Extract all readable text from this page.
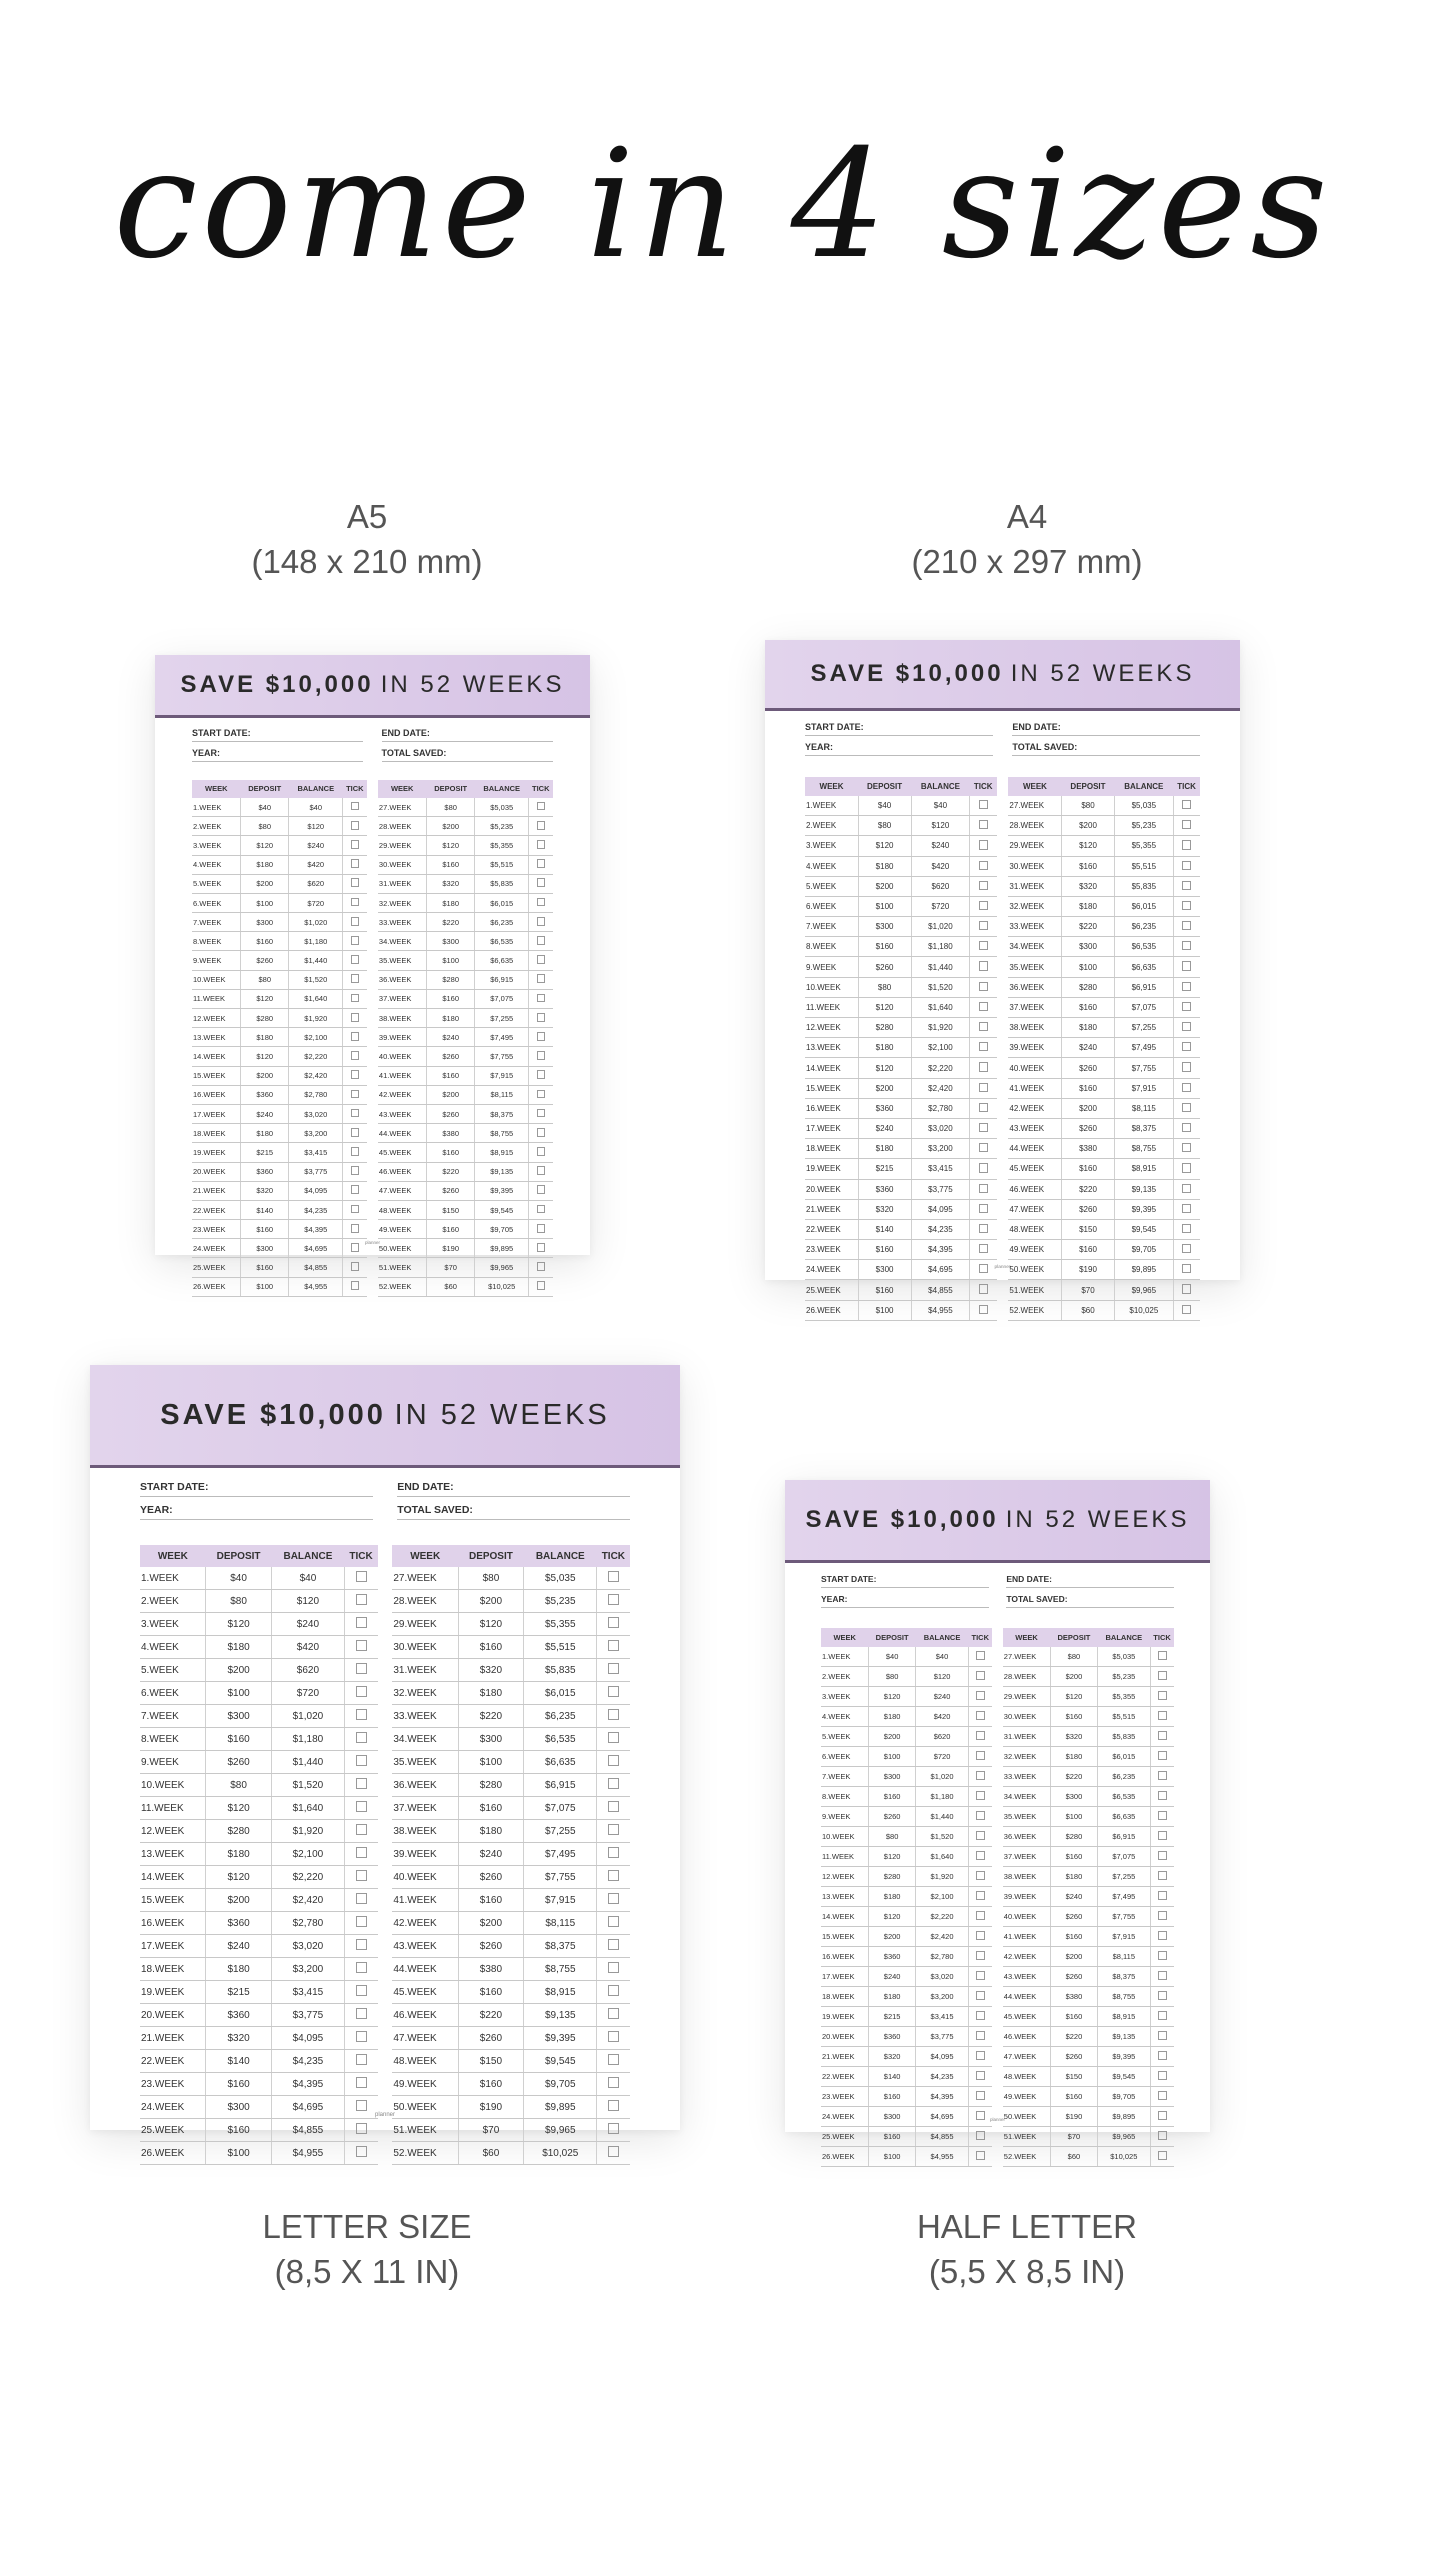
come in 4 sizes
A5
(148 x 210 mm)
A4
(210 x 297 mm)
LETTER SIZE
(8,5 X 11 IN)
HALF LETTER
(5,5 X 8,5 IN)
SAVE $10,000 IN 52 WEEKS
START DATE:	END DATE:
YEAR:	TOTAL SAVED:
WEEK	DEPOSIT	BALANCE	TICK
1.WEEK	$40	$40	
2.WEEK	$80	$120	
3.WEEK	$120	$240	
4.WEEK	$180	$420	
5.WEEK	$200	$620	
6.WEEK	$100	$720	
7.WEEK	$300	$1,020	
8.WEEK	$160	$1,180	
9.WEEK	$260	$1,440	
10.WEEK	$80	$1,520	
11.WEEK	$120	$1,640	
12.WEEK	$280	$1,920	
13.WEEK	$180	$2,100	
14.WEEK	$120	$2,220	
15.WEEK	$200	$2,420	
16.WEEK	$360	$2,780	
17.WEEK	$240	$3,020	
18.WEEK	$180	$3,200	
19.WEEK	$215	$3,415	
20.WEEK	$360	$3,775	
21.WEEK	$320	$4,095	
22.WEEK	$140	$4,235	
23.WEEK	$160	$4,395	
24.WEEK	$300	$4,695	
25.WEEK	$160	$4,855	
26.WEEK	$100	$4,955	
WEEK	DEPOSIT	BALANCE	TICK
27.WEEK	$80	$5,035	
28.WEEK	$200	$5,235	
29.WEEK	$120	$5,355	
30.WEEK	$160	$5,515	
31.WEEK	$320	$5,835	
32.WEEK	$180	$6,015	
33.WEEK	$220	$6,235	
34.WEEK	$300	$6,535	
35.WEEK	$100	$6,635	
36.WEEK	$280	$6,915	
37.WEEK	$160	$7,075	
38.WEEK	$180	$7,255	
39.WEEK	$240	$7,495	
40.WEEK	$260	$7,755	
41.WEEK	$160	$7,915	
42.WEEK	$200	$8,115	
43.WEEK	$260	$8,375	
44.WEEK	$380	$8,755	
45.WEEK	$160	$8,915	
46.WEEK	$220	$9,135	
47.WEEK	$260	$9,395	
48.WEEK	$150	$9,545	
49.WEEK	$160	$9,705	
50.WEEK	$190	$9,895	
51.WEEK	$70	$9,965	
52.WEEK	$60	$10,025	
planner
SAVE $10,000 IN 52 WEEKS
START DATE:	END DATE:
YEAR:	TOTAL SAVED:
WEEK	DEPOSIT	BALANCE	TICK
1.WEEK	$40	$40	
2.WEEK	$80	$120	
3.WEEK	$120	$240	
4.WEEK	$180	$420	
5.WEEK	$200	$620	
6.WEEK	$100	$720	
7.WEEK	$300	$1,020	
8.WEEK	$160	$1,180	
9.WEEK	$260	$1,440	
10.WEEK	$80	$1,520	
11.WEEK	$120	$1,640	
12.WEEK	$280	$1,920	
13.WEEK	$180	$2,100	
14.WEEK	$120	$2,220	
15.WEEK	$200	$2,420	
16.WEEK	$360	$2,780	
17.WEEK	$240	$3,020	
18.WEEK	$180	$3,200	
19.WEEK	$215	$3,415	
20.WEEK	$360	$3,775	
21.WEEK	$320	$4,095	
22.WEEK	$140	$4,235	
23.WEEK	$160	$4,395	
24.WEEK	$300	$4,695	
25.WEEK	$160	$4,855	
26.WEEK	$100	$4,955	
WEEK	DEPOSIT	BALANCE	TICK
27.WEEK	$80	$5,035	
28.WEEK	$200	$5,235	
29.WEEK	$120	$5,355	
30.WEEK	$160	$5,515	
31.WEEK	$320	$5,835	
32.WEEK	$180	$6,015	
33.WEEK	$220	$6,235	
34.WEEK	$300	$6,535	
35.WEEK	$100	$6,635	
36.WEEK	$280	$6,915	
37.WEEK	$160	$7,075	
38.WEEK	$180	$7,255	
39.WEEK	$240	$7,495	
40.WEEK	$260	$7,755	
41.WEEK	$160	$7,915	
42.WEEK	$200	$8,115	
43.WEEK	$260	$8,375	
44.WEEK	$380	$8,755	
45.WEEK	$160	$8,915	
46.WEEK	$220	$9,135	
47.WEEK	$260	$9,395	
48.WEEK	$150	$9,545	
49.WEEK	$160	$9,705	
50.WEEK	$190	$9,895	
51.WEEK	$70	$9,965	
52.WEEK	$60	$10,025	
planner
SAVE $10,000 IN 52 WEEKS
START DATE:	END DATE:
YEAR:	TOTAL SAVED:
WEEK	DEPOSIT	BALANCE	TICK
1.WEEK	$40	$40	
2.WEEK	$80	$120	
3.WEEK	$120	$240	
4.WEEK	$180	$420	
5.WEEK	$200	$620	
6.WEEK	$100	$720	
7.WEEK	$300	$1,020	
8.WEEK	$160	$1,180	
9.WEEK	$260	$1,440	
10.WEEK	$80	$1,520	
11.WEEK	$120	$1,640	
12.WEEK	$280	$1,920	
13.WEEK	$180	$2,100	
14.WEEK	$120	$2,220	
15.WEEK	$200	$2,420	
16.WEEK	$360	$2,780	
17.WEEK	$240	$3,020	
18.WEEK	$180	$3,200	
19.WEEK	$215	$3,415	
20.WEEK	$360	$3,775	
21.WEEK	$320	$4,095	
22.WEEK	$140	$4,235	
23.WEEK	$160	$4,395	
24.WEEK	$300	$4,695	
25.WEEK	$160	$4,855	
26.WEEK	$100	$4,955	
WEEK	DEPOSIT	BALANCE	TICK
27.WEEK	$80	$5,035	
28.WEEK	$200	$5,235	
29.WEEK	$120	$5,355	
30.WEEK	$160	$5,515	
31.WEEK	$320	$5,835	
32.WEEK	$180	$6,015	
33.WEEK	$220	$6,235	
34.WEEK	$300	$6,535	
35.WEEK	$100	$6,635	
36.WEEK	$280	$6,915	
37.WEEK	$160	$7,075	
38.WEEK	$180	$7,255	
39.WEEK	$240	$7,495	
40.WEEK	$260	$7,755	
41.WEEK	$160	$7,915	
42.WEEK	$200	$8,115	
43.WEEK	$260	$8,375	
44.WEEK	$380	$8,755	
45.WEEK	$160	$8,915	
46.WEEK	$220	$9,135	
47.WEEK	$260	$9,395	
48.WEEK	$150	$9,545	
49.WEEK	$160	$9,705	
50.WEEK	$190	$9,895	
51.WEEK	$70	$9,965	
52.WEEK	$60	$10,025	
planner
SAVE $10,000 IN 52 WEEKS
START DATE:	END DATE:
YEAR:	TOTAL SAVED:
WEEK	DEPOSIT	BALANCE	TICK
1.WEEK	$40	$40	
2.WEEK	$80	$120	
3.WEEK	$120	$240	
4.WEEK	$180	$420	
5.WEEK	$200	$620	
6.WEEK	$100	$720	
7.WEEK	$300	$1,020	
8.WEEK	$160	$1,180	
9.WEEK	$260	$1,440	
10.WEEK	$80	$1,520	
11.WEEK	$120	$1,640	
12.WEEK	$280	$1,920	
13.WEEK	$180	$2,100	
14.WEEK	$120	$2,220	
15.WEEK	$200	$2,420	
16.WEEK	$360	$2,780	
17.WEEK	$240	$3,020	
18.WEEK	$180	$3,200	
19.WEEK	$215	$3,415	
20.WEEK	$360	$3,775	
21.WEEK	$320	$4,095	
22.WEEK	$140	$4,235	
23.WEEK	$160	$4,395	
24.WEEK	$300	$4,695	
25.WEEK	$160	$4,855	
26.WEEK	$100	$4,955	
WEEK	DEPOSIT	BALANCE	TICK
27.WEEK	$80	$5,035	
28.WEEK	$200	$5,235	
29.WEEK	$120	$5,355	
30.WEEK	$160	$5,515	
31.WEEK	$320	$5,835	
32.WEEK	$180	$6,015	
33.WEEK	$220	$6,235	
34.WEEK	$300	$6,535	
35.WEEK	$100	$6,635	
36.WEEK	$280	$6,915	
37.WEEK	$160	$7,075	
38.WEEK	$180	$7,255	
39.WEEK	$240	$7,495	
40.WEEK	$260	$7,755	
41.WEEK	$160	$7,915	
42.WEEK	$200	$8,115	
43.WEEK	$260	$8,375	
44.WEEK	$380	$8,755	
45.WEEK	$160	$8,915	
46.WEEK	$220	$9,135	
47.WEEK	$260	$9,395	
48.WEEK	$150	$9,545	
49.WEEK	$160	$9,705	
50.WEEK	$190	$9,895	
51.WEEK	$70	$9,965	
52.WEEK	$60	$10,025	
planner
